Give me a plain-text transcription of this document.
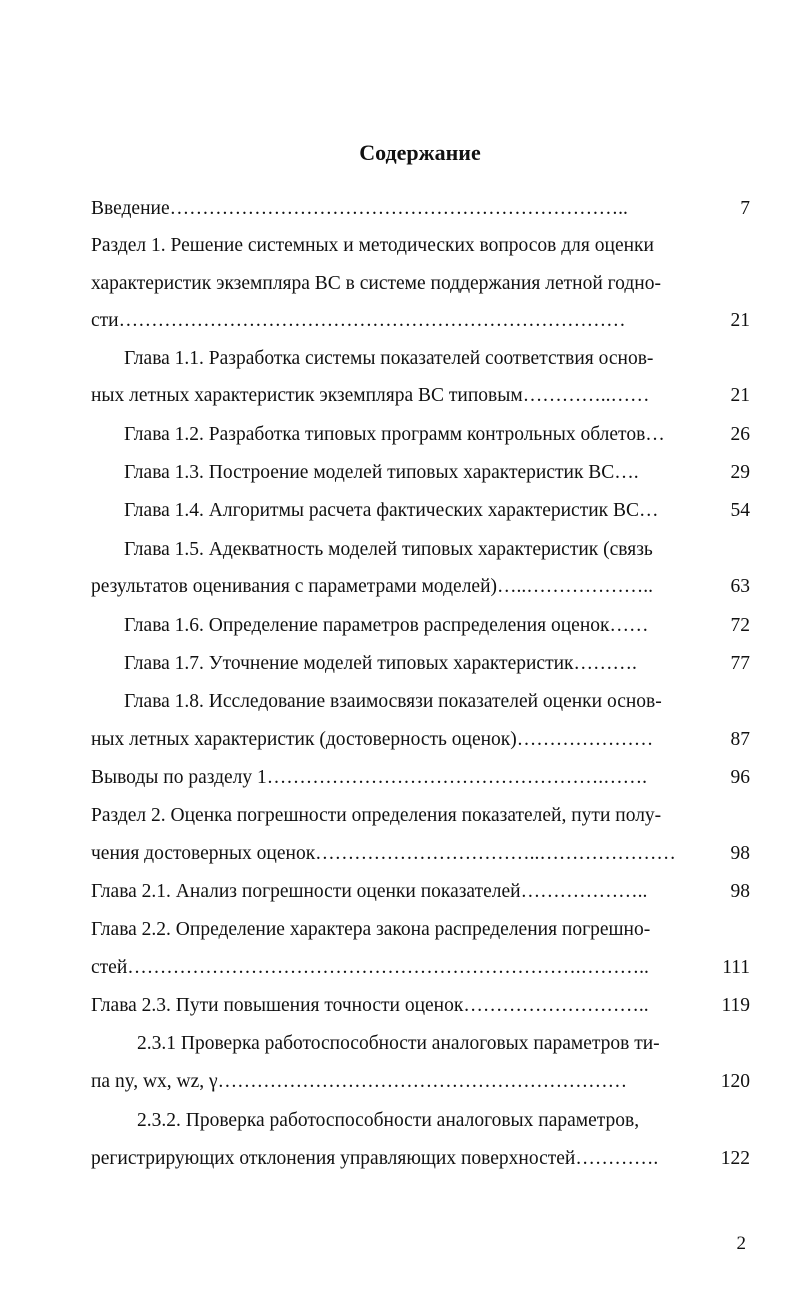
Содержание
Введение……………………………………………………………..	7
Раздел 1. Решение системных и методических вопросов для оценки
характеристик экземпляра ВС в системе поддержания летной годно-
сти……………………………………………………………………	21
Глава 1.1. Разработка системы показателей соответствия основ-
ных летных характеристик экземпляра ВС типовым…………..……	21
Глава 1.2. Разработка типовых программ контрольных облетов…	26
Глава 1.3. Построение моделей типовых характеристик ВС….	29
Глава 1.4. Алгоритмы расчета фактических характеристик ВС…	54
Глава 1.5. Адекватность моделей типовых характеристик (связь
результатов оценивания с параметрами моделей)…..………………..	63
Глава 1.6. Определение параметров распределения оценок……	72
Глава 1.7. Уточнение моделей типовых характеристик……….	77
Глава 1.8. Исследование взаимосвязи показателей оценки основ-
ных летных характеристик (достоверность оценок)…………………	87
Выводы по разделу 1…………………………………………….…….	96
Раздел 2. Оценка погрешности определения показателей, пути полу-
чения достоверных оценок……………………………..…………………	98
Глава 2.1. Анализ погрешности оценки показателей………………..	98
Глава 2.2. Определение характера закона распределения погрешно-
стей…………………………………………………………….………..	111
Глава 2.3. Пути повышения точности оценок………………………..	119
2.3.1 Проверка работоспособности аналоговых параметров ти-
па ny, wx, wz, γ………………………………………………………	120
2.3.2. Проверка работоспособности аналоговых параметров,
регистрирующих отклонения управляющих поверхностей………….	122
2
